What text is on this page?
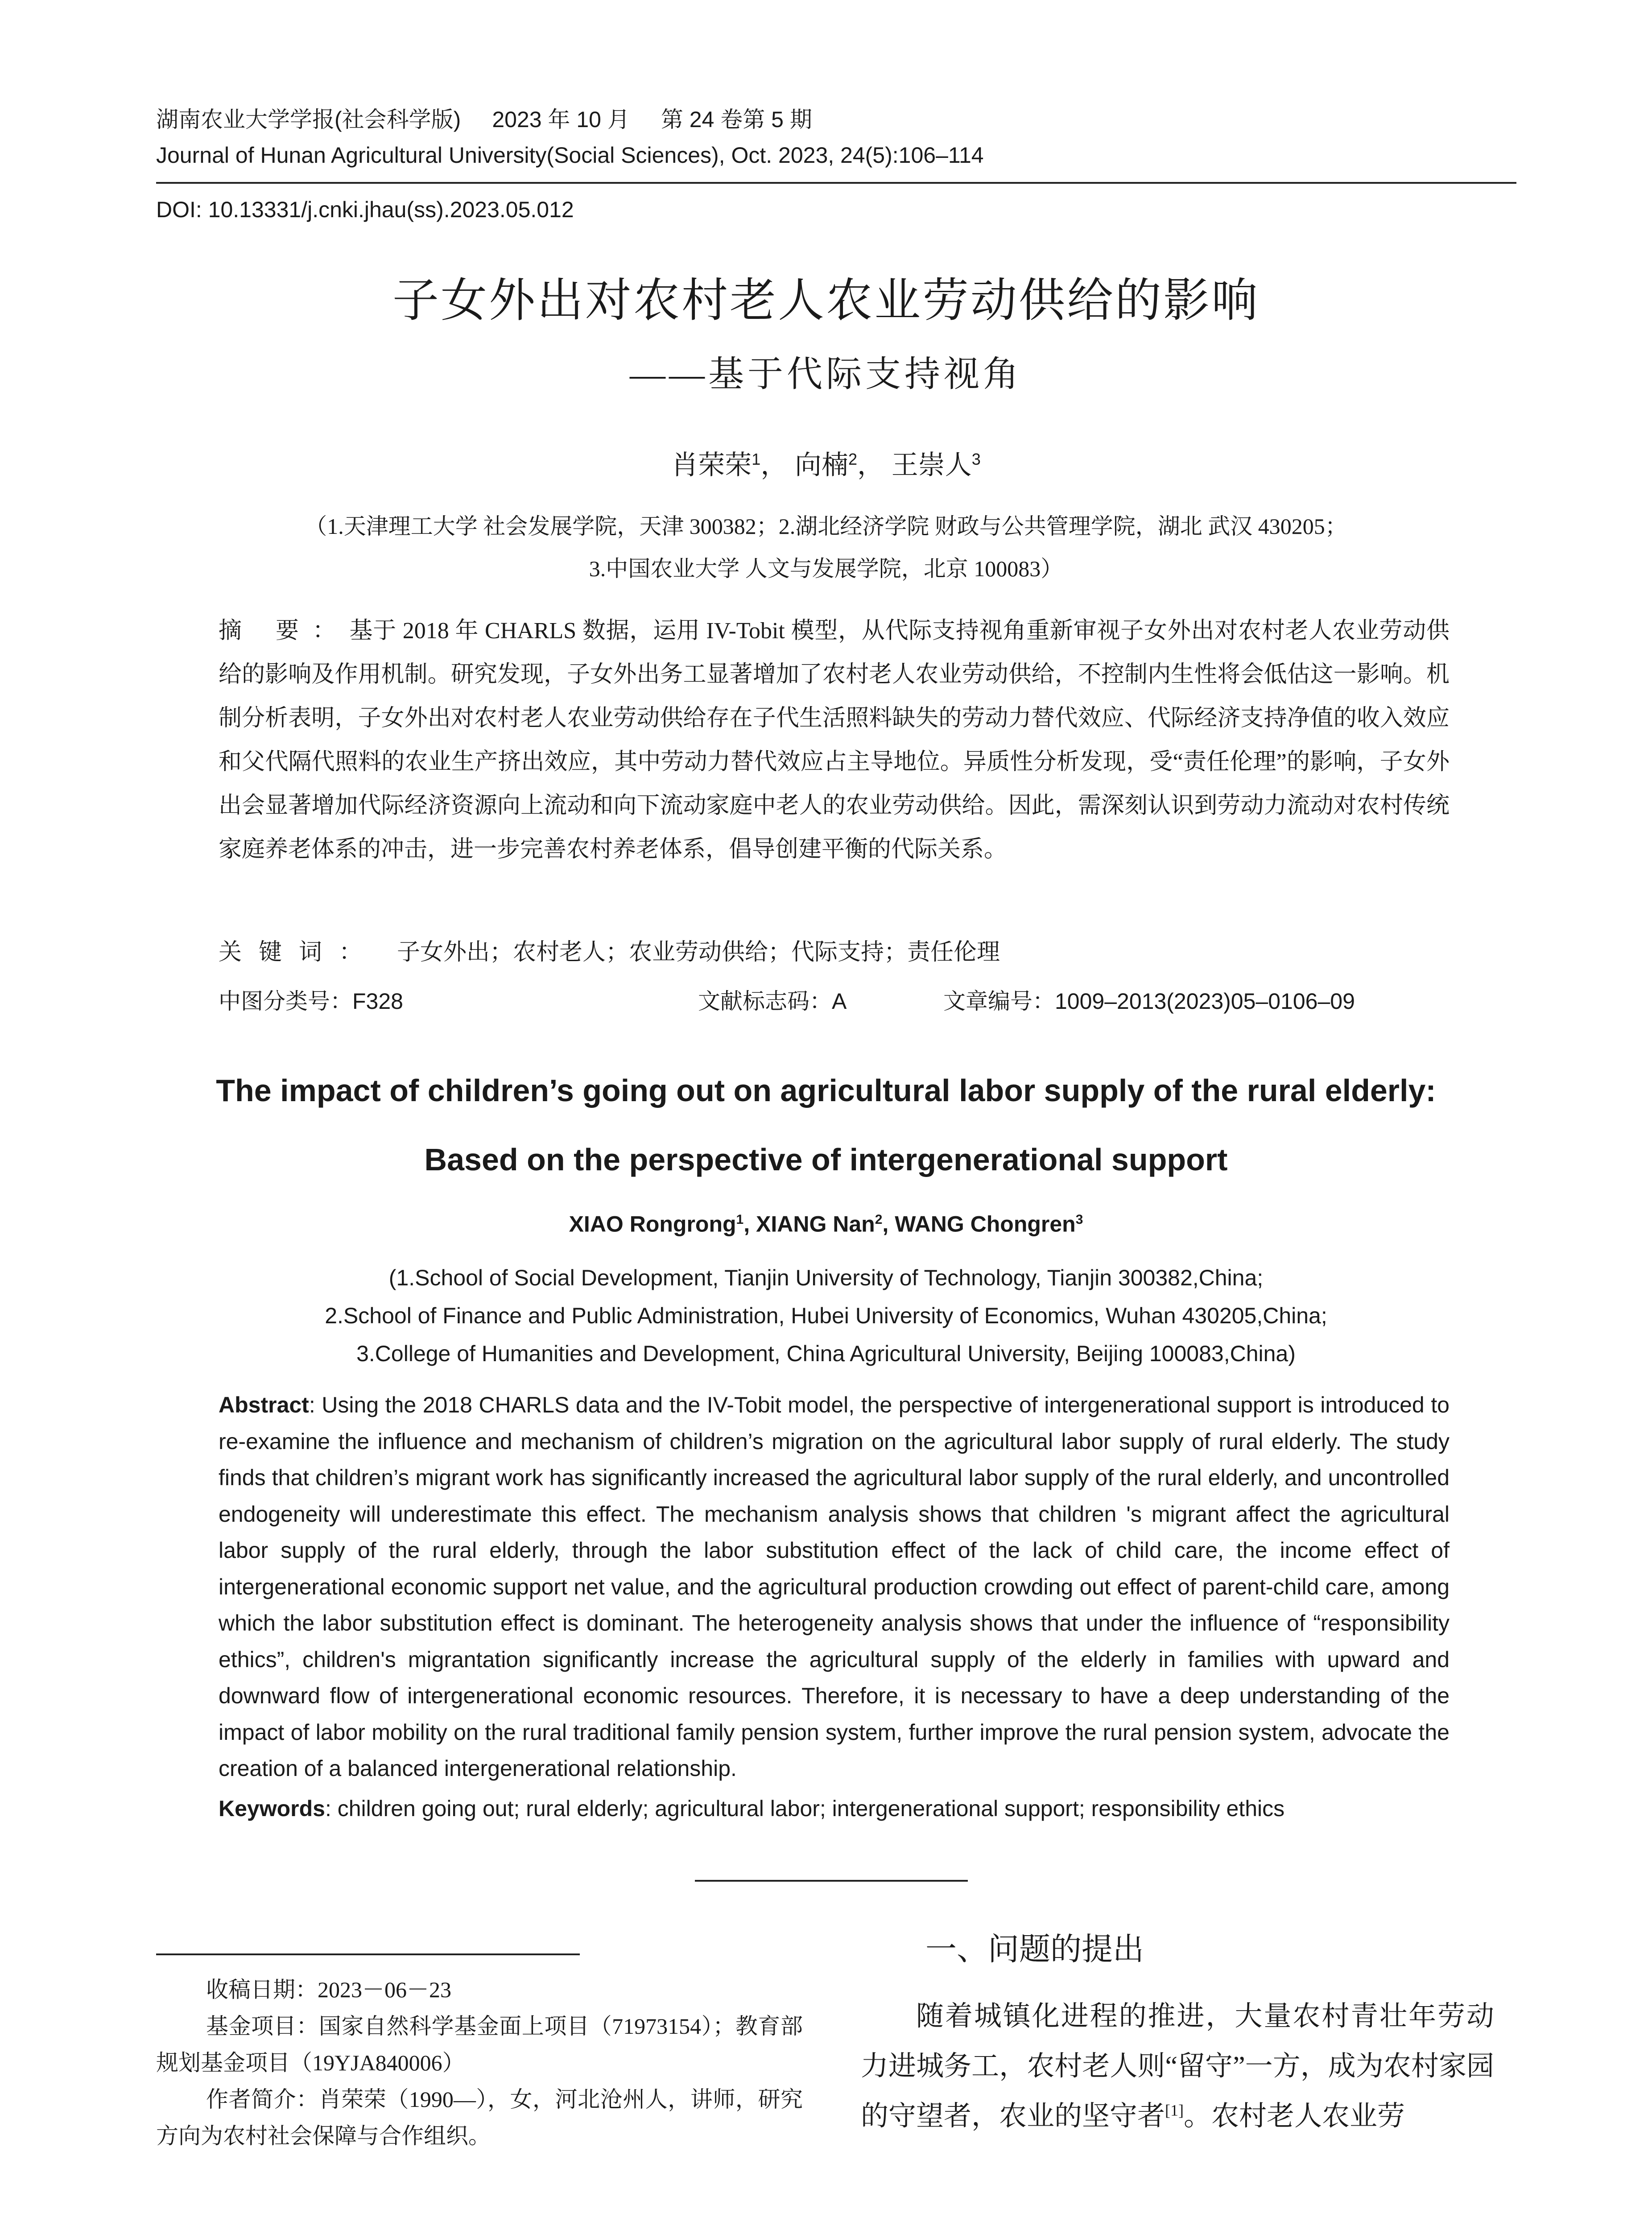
湖南农业大学学报(社会科学版) 2023 年 10 月 第 24 卷第 5 期
Journal of Hunan Agricultural University(Social Sciences), Oct. 2023, 24(5):106–114
DOI: 10.13331/j.cnki.jhau(ss).2023.05.012
子女外出对农村老人农业劳动供给的影响
——基于代际支持视角
肖荣荣$^1$， 向楠$^2$， 王崇人$^3$
（1.天津理工大学 社会发展学院，天津 300382；2.湖北经济学院 财政与公共管理学院，湖北 武汉 430205；
3.中国农业大学 人文与发展学院，北京 100083）
摘 要：基于 2018 年 CHARLS 数据，运用 IV-Tobit 模型，从代际支持视角重新审视子女外出对农村老人农业劳动供给的影响及作用机制。研究发现，子女外出务工显著增加了农村老人农业劳动供给，不控制内生性将会低估这一影响。机制分析表明，子女外出对农村老人农业劳动供给存在子代生活照料缺失的劳动力替代效应、代际经济支持净值的收入效应和父代隔代照料的农业生产挤出效应，其中劳动力替代效应占主导地位。异质性分析发现，受“责任伦理”的影响，子女外出会显著增加代际经济资源向上流动和向下流动家庭中老人的农业劳动供给。因此，需深刻认识到劳动力流动对农村传统家庭养老体系的冲击，进一步完善农村养老体系，倡导创建平衡的代际关系。
关键词： 子女外出；农村老人；农业劳动供给；代际支持；责任伦理
中图分类号：F328	文献标志码：A	文章编号：1009–2013(2023)05–0106–09
The impact of children’s going out on agricultural labor supply of the rural elderly:
Based on the perspective of intergenerational support
XIAO Rongrong$^1$, XIANG Nan$^2$, WANG Chongren$^3$
(1.School of Social Development, Tianjin University of Technology, Tianjin 300382,China;
2.School of Finance and Public Administration, Hubei University of Economics, Wuhan 430205,China;
3.College of Humanities and Development, China Agricultural University, Beijing 100083,China)
Abstract: Using the 2018 CHARLS data and the IV-Tobit model, the perspective of intergenerational support is introduced to re-examine the influence and mechanism of children’s migration on the agricultural labor supply of rural elderly. The study finds that children’s migrant work has significantly increased the agricultural labor supply of the rural elderly, and uncontrolled endogeneity will underestimate this effect. The mechanism analysis shows that children 's migrant affect the agricultural labor supply of the rural elderly, through the labor substitution effect of the lack of child care, the income effect of intergenerational economic support net value, and the agricultural production crowding out effect of parent-child care, among which the labor substitution effect is dominant. The heterogeneity analysis shows that under the influence of “responsibility ethics”, children's migrantation significantly increase the agricultural supply of the elderly in families with upward and downward flow of intergenerational economic resources. Therefore, it is necessary to have a deep understanding of the impact of labor mobility on the rural traditional family pension system, further improve the rural pension system, advocate the creation of a balanced intergenerational relationship.
Keywords: children going out; rural elderly; agricultural labor; intergenerational support; responsibility ethics
收稿日期：2023－06－23
基金项目：国家自然科学基金面上项目（71973154）；教育部规划基金项目（19YJA840006）
作者简介：肖荣荣（1990—），女，河北沧州人，讲师，研究方向为农村社会保障与合作组织。
一、问题的提出
随着城镇化进程的推进，大量农村青壮年劳动力进城务工，农村老人则“留守”一方，成为农村家园的守望者，农业的坚守者[1]。农村老人农业劳
